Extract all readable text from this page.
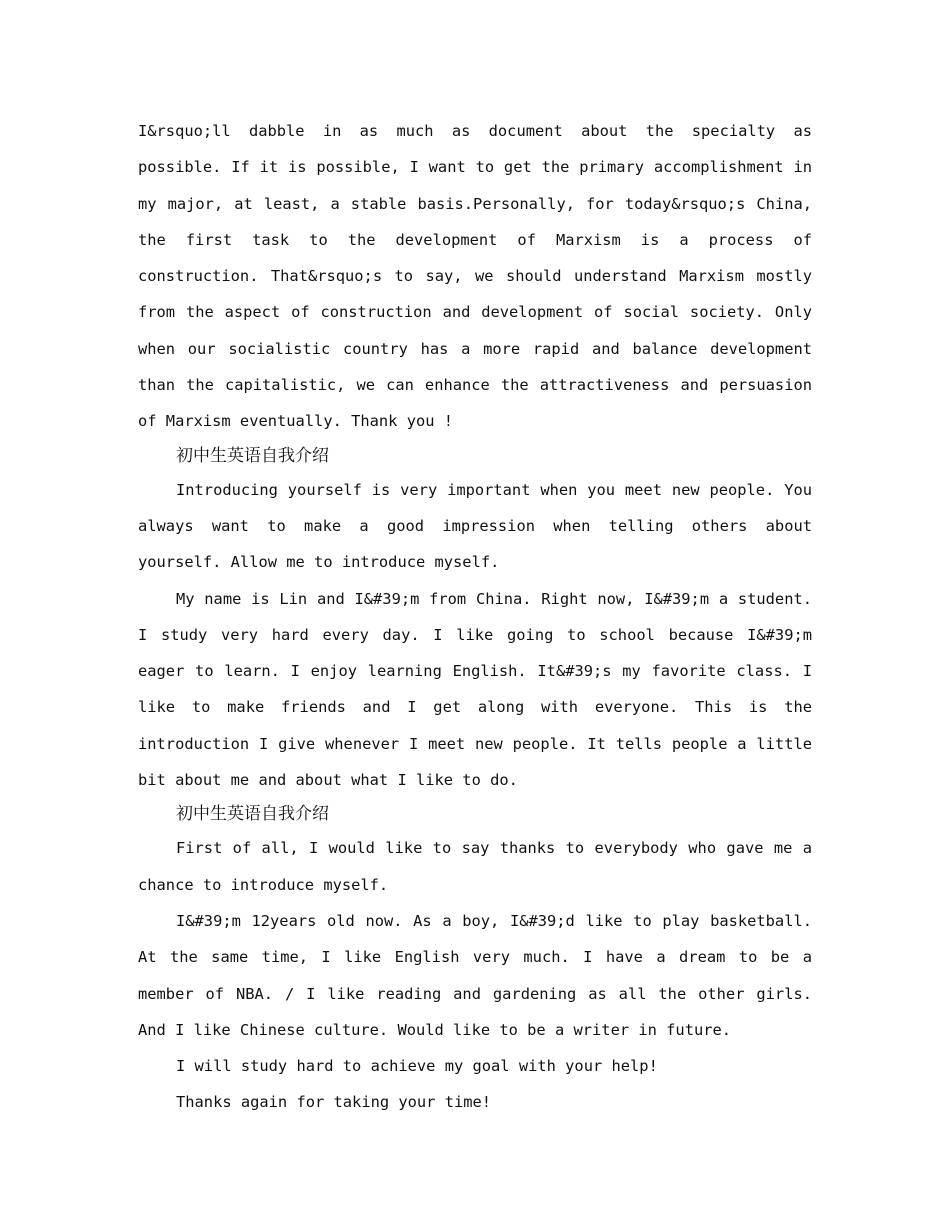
I&rsquo;ll dabble in as much as document about the specialty as possible. If it is possible, I want to get the primary accomplishment in my major, at least, a stable basis.Personally, for today&rsquo;s China, the first task to the development of Marxism is a process of construction. That&rsquo;s to say, we should understand Marxism mostly from the aspect of construction and development of social society. Only when our socialistic country has a more rapid and balance development than the capitalistic, we can enhance the attractiveness and persuasion of Marxism eventually. Thank you !

初中生英语自我介绍

Introducing yourself is very important when you meet new people. You always want to make a good impression when telling others about yourself. Allow me to introduce myself.

My name is Lin and I&#39;m from China. Right now, I&#39;m a student. I study very hard every day. I like going to school because I&#39;m eager to learn. I enjoy learning English. It&#39;s my favorite class. I like to make friends and I get along with everyone. This is the introduction I give whenever I meet new people. It tells people a little bit about me and about what I like to do.

初中生英语自我介绍

First of all, I would like to say thanks to everybody who gave me a chance to introduce myself.

I&#39;m 12years old now. As a boy, I&#39;d like to play basketball. At the same time, I like English very much. I have a dream to be a member of NBA. / I like reading and gardening as all the other girls. And I like Chinese culture. Would like to be a writer in future.

I will study hard to achieve my goal with your help!

Thanks again for taking your time!
